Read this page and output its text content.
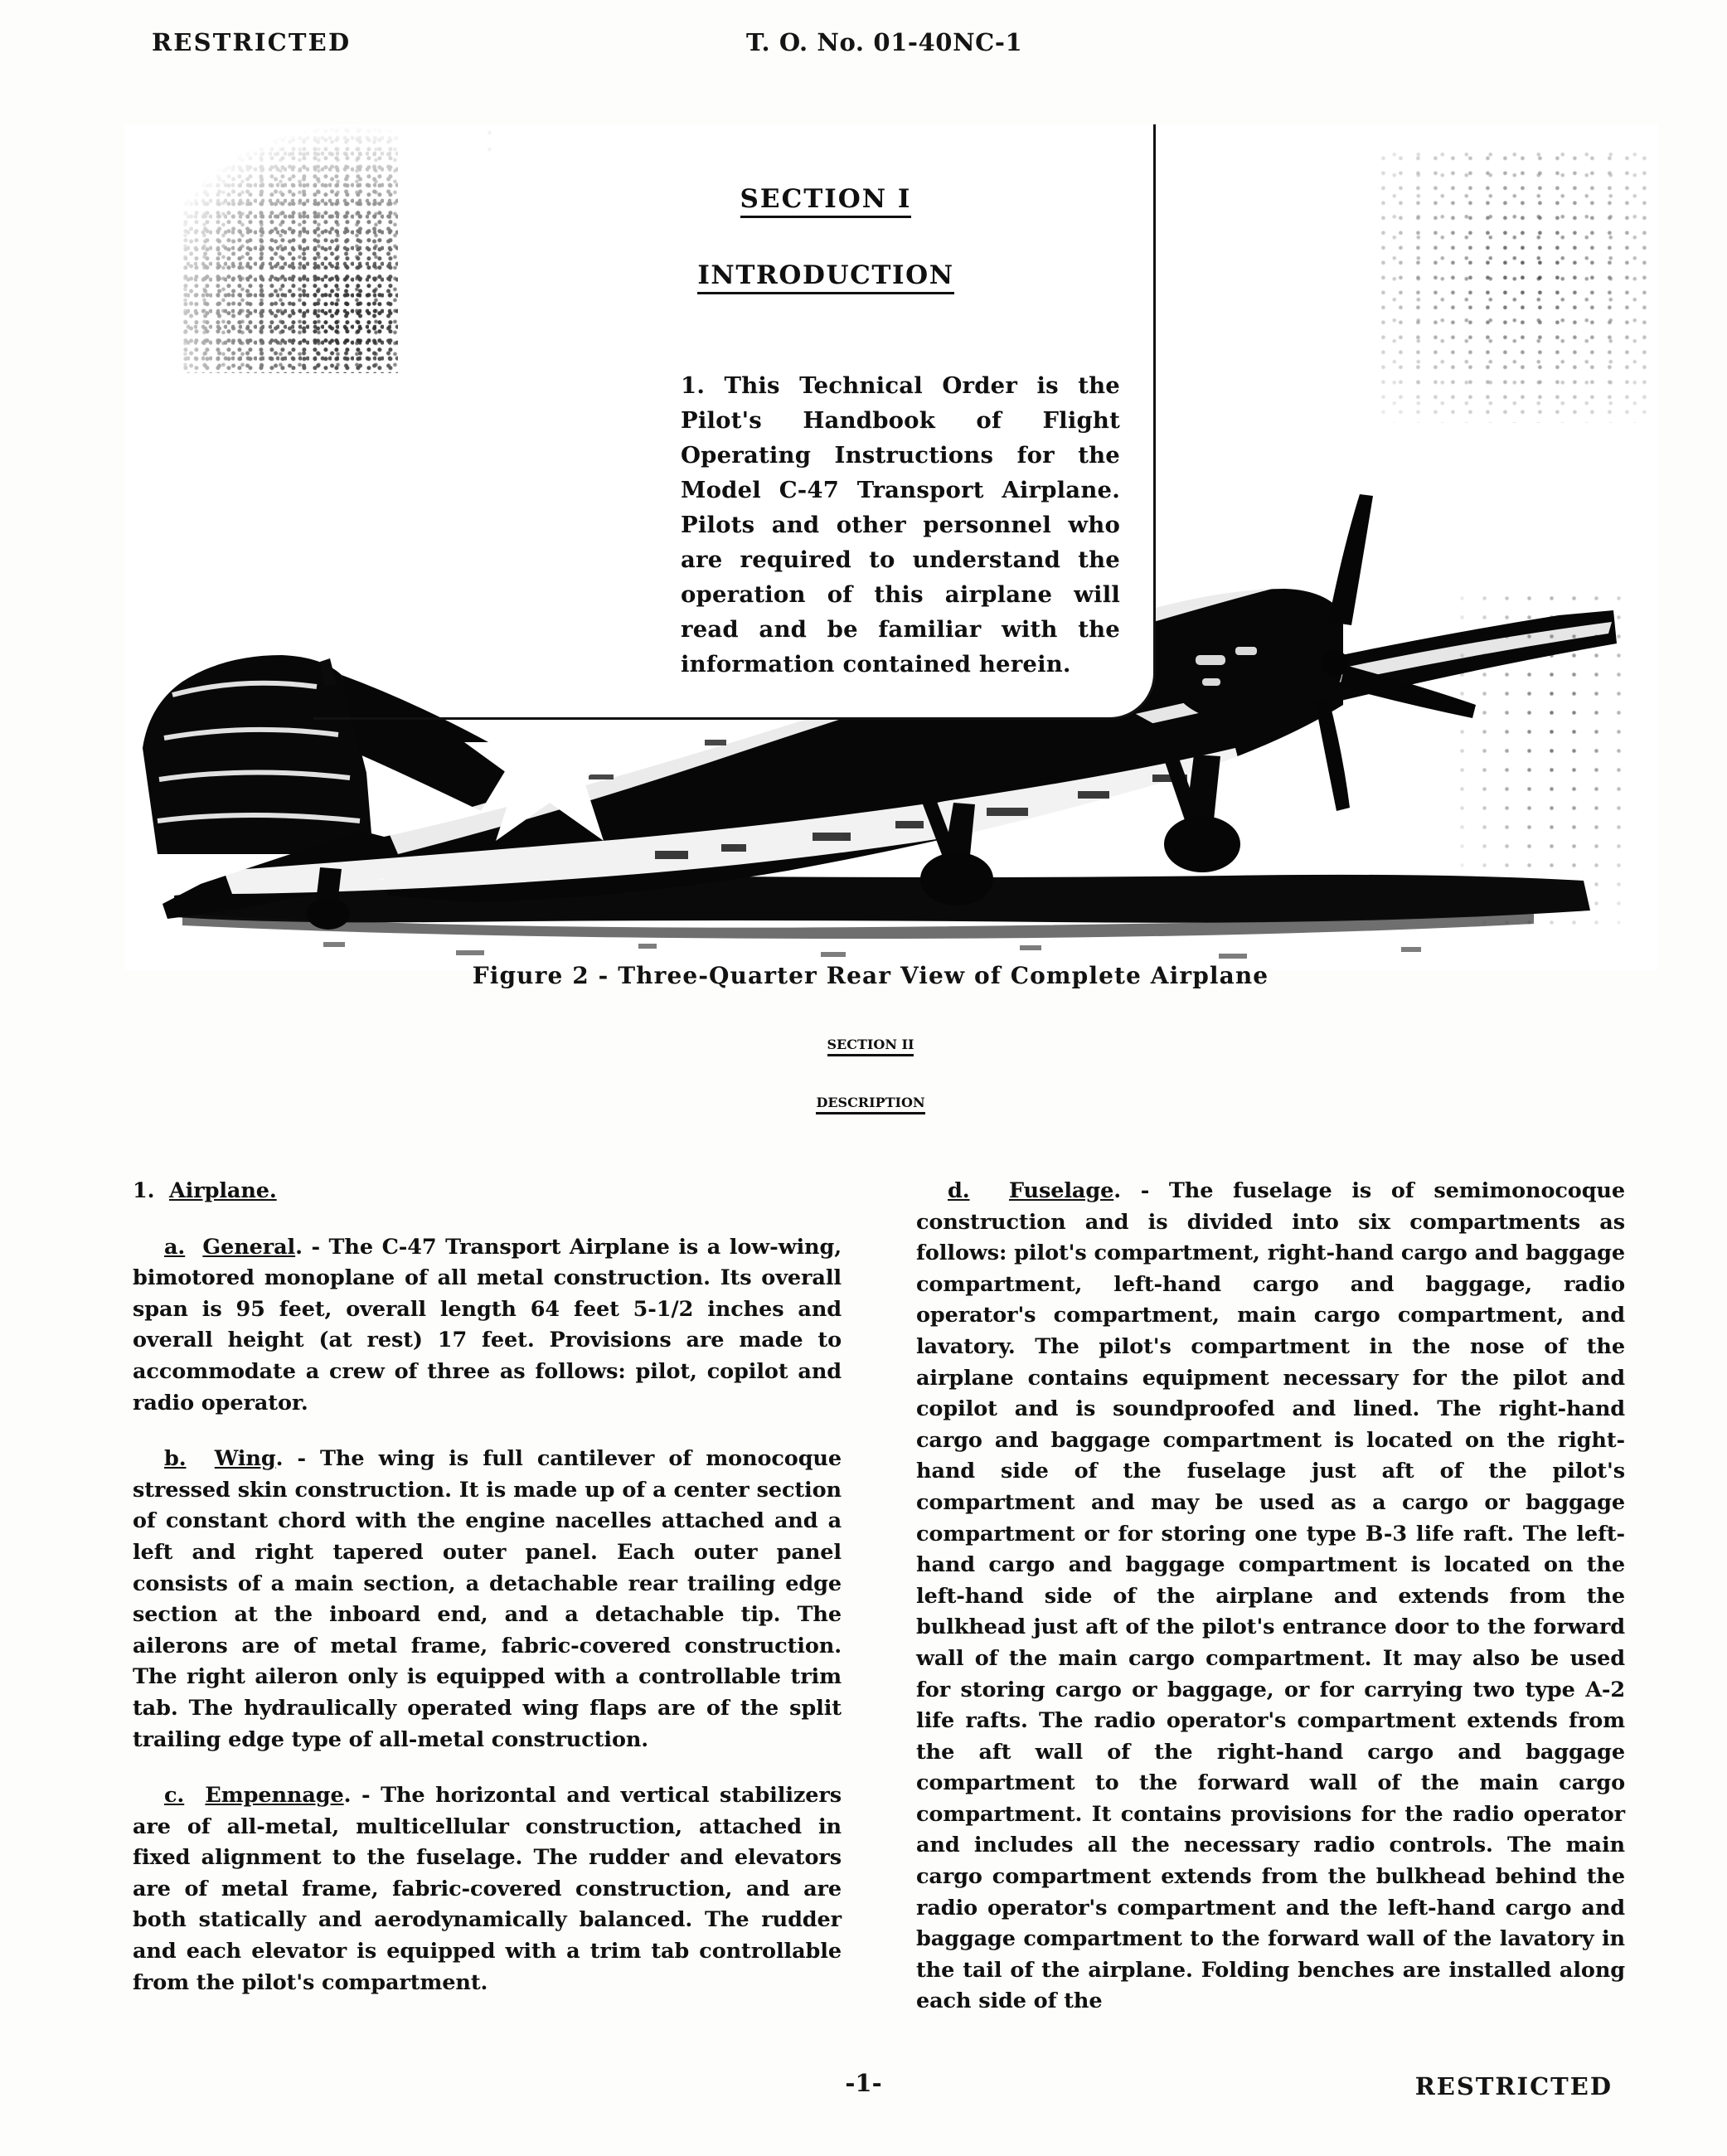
RESTRICTED	T. O. No. 01-40NC-1
SECTION I
INTRODUCTION
1. This Technical Order is the Pilot's Handbook of Flight Operating Instructions for the Model C-47 Transport Airplane. Pilots and other personnel who are required to understand the operation of this airplane will read and be familiar with the information contained herein.
Figure 2 - Three-Quarter Rear View of Complete Airplane
SECTION II
DESCRIPTION

1. Airplane.

a. General. - The C-47 Transport Airplane is a low-wing, bimotored monoplane of all metal construction. Its overall span is 95 feet, overall length 64 feet 5-1/2 inches and overall height (at rest) 17 feet. Provisions are made to accommodate a crew of three as follows: pilot, copilot and radio operator.

b. Wing. - The wing is full cantilever of monocoque stressed skin construction. It is made up of a center section of constant chord with the engine nacelles attached and a left and right tapered outer panel. Each outer panel consists of a main section, a detachable rear trailing edge section at the inboard end, and a detachable tip. The ailerons are of metal frame, fabric-covered construction. The right aileron only is equipped with a controllable trim tab. The hydraulically operated wing flaps are of the split trailing edge type of all-metal construction.

c. Empennage. - The horizontal and vertical stabilizers are of all-metal, multicellular construction, attached in fixed alignment to the fuselage. The rudder and elevators are of metal frame, fabric-covered construction, and are both statically and aerodynamically balanced. The rudder and each elevator is equipped with a trim tab controllable from the pilot's compartment.

d. Fuselage. - The fuselage is of semimonocoque construction and is divided into six compartments as follows: pilot's compartment, right-hand cargo and baggage compartment, left-hand cargo and baggage, radio operator's compartment, main cargo compartment, and lavatory. The pilot's compartment in the nose of the airplane contains equipment necessary for the pilot and copilot and is soundproofed and lined. The right-hand cargo and baggage compartment is located on the right-hand side of the fuselage just aft of the pilot's compartment and may be used as a cargo or baggage compartment or for storing one type B-3 life raft. The left-hand cargo and baggage compartment is located on the left-hand side of the airplane and extends from the bulkhead just aft of the pilot's entrance door to the forward wall of the main cargo compartment. It may also be used for storing cargo or baggage, or for carrying two type A-2 life rafts. The radio operator's compartment extends from the aft wall of the right-hand cargo and baggage compartment to the forward wall of the main cargo compartment. It contains provisions for the radio operator and includes all the necessary radio controls. The main cargo compartment extends from the bulkhead behind the radio operator's compartment and the left-hand cargo and baggage compartment to the forward wall of the lavatory in the tail of the airplane. Folding benches are installed along each side of the

-1-	RESTRICTED
